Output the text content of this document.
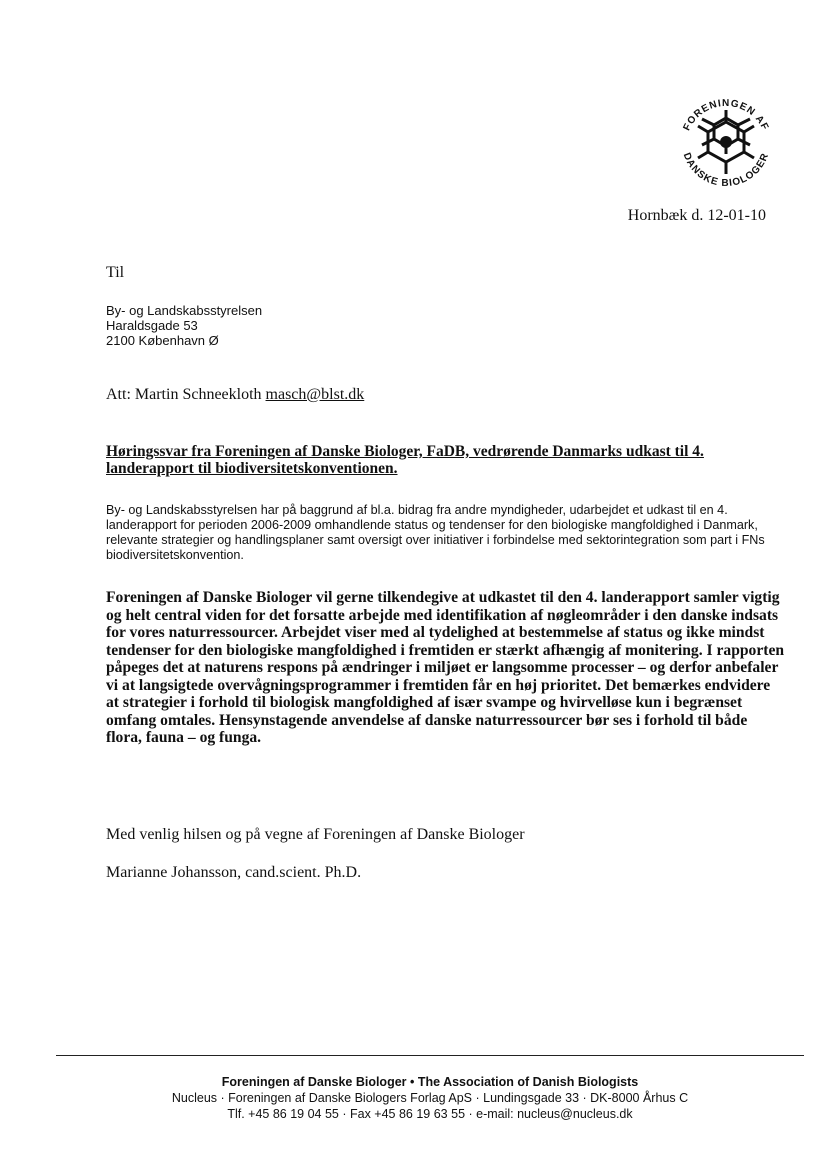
FORENINGEN AF
DANSKE BIOLOGER
Hornbæk d. 12-01-10
Til
By- og Landskabsstyrelsen
Haraldsgade 53
2100 København Ø
Att: Martin Schneekloth masch@blst.dk
Høringssvar fra Foreningen af Danske Biologer, FaDB, vedrørende Danmarks udkast til 4. landerapport til biodiversitetskonventionen.
By- og Landskabsstyrelsen har på baggrund af bl.a. bidrag fra andre myndigheder, udarbejdet et udkast til en 4. landerapport for perioden 2006-2009 omhandlende status og tendenser for den biologiske mangfoldighed i Danmark, relevante strategier og handlingsplaner samt oversigt over initiativer i forbindelse med sektorintegration som part i FNs biodiversitetskonvention.
Foreningen af Danske Biologer vil gerne tilkendegive at udkastet til den 4. landerapport samler vigtig og helt central viden for det forsatte arbejde med identifikation af nøgleområder i den danske indsats for vores naturressourcer. Arbejdet viser med al tydelighed at bestemmelse af status og ikke mindst tendenser for den biologiske mangfoldighed i fremtiden er stærkt afhængig af monitering. I rapporten påpeges det at naturens respons på ændringer i miljøet er langsomme processer – og derfor anbefaler vi at langsigtede overvågningsprogrammer i fremtiden får en høj prioritet. Det bemærkes endvidere at strategier i forhold til biologisk mangfoldighed af især svampe og hvirvelløse kun i begrænset omfang omtales. Hensynstagende anvendelse af danske naturressourcer bør ses i forhold til både flora, fauna – og funga.
Med venlig hilsen og på vegne af Foreningen af Danske Biologer
Marianne Johansson, cand.scient. Ph.D.
Foreningen af Danske Biologer • The Association of Danish Biologists
Nucleus · Foreningen af Danske Biologers Forlag ApS · Lundingsgade 33 · DK-8000 Århus C
Tlf. +45 86 19 04 55 · Fax +45 86 19 63 55 · e-mail: nucleus@nucleus.dk
